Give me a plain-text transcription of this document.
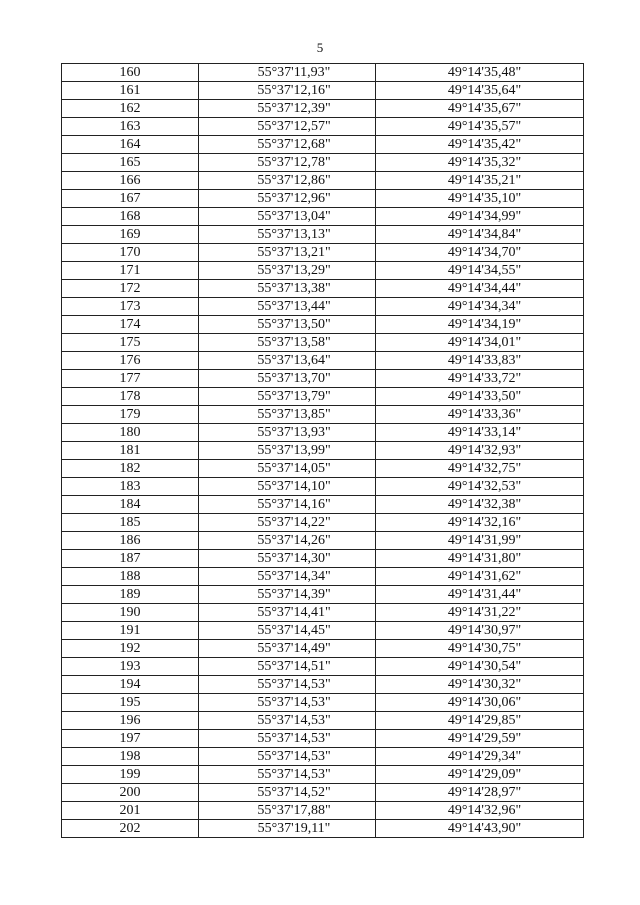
5
160	55°37'11,93"	49°14'35,48"
161	55°37'12,16"	49°14'35,64"
162	55°37'12,39"	49°14'35,67"
163	55°37'12,57"	49°14'35,57"
164	55°37'12,68"	49°14'35,42"
165	55°37'12,78"	49°14'35,32"
166	55°37'12,86"	49°14'35,21"
167	55°37'12,96"	49°14'35,10"
168	55°37'13,04"	49°14'34,99"
169	55°37'13,13"	49°14'34,84"
170	55°37'13,21"	49°14'34,70"
171	55°37'13,29"	49°14'34,55"
172	55°37'13,38"	49°14'34,44"
173	55°37'13,44"	49°14'34,34"
174	55°37'13,50"	49°14'34,19"
175	55°37'13,58"	49°14'34,01"
176	55°37'13,64"	49°14'33,83"
177	55°37'13,70"	49°14'33,72"
178	55°37'13,79"	49°14'33,50"
179	55°37'13,85"	49°14'33,36"
180	55°37'13,93"	49°14'33,14"
181	55°37'13,99"	49°14'32,93"
182	55°37'14,05"	49°14'32,75"
183	55°37'14,10"	49°14'32,53"
184	55°37'14,16"	49°14'32,38"
185	55°37'14,22"	49°14'32,16"
186	55°37'14,26"	49°14'31,99"
187	55°37'14,30"	49°14'31,80"
188	55°37'14,34"	49°14'31,62"
189	55°37'14,39"	49°14'31,44"
190	55°37'14,41"	49°14'31,22"
191	55°37'14,45"	49°14'30,97"
192	55°37'14,49"	49°14'30,75"
193	55°37'14,51"	49°14'30,54"
194	55°37'14,53"	49°14'30,32"
195	55°37'14,53"	49°14'30,06"
196	55°37'14,53"	49°14'29,85"
197	55°37'14,53"	49°14'29,59"
198	55°37'14,53"	49°14'29,34"
199	55°37'14,53"	49°14'29,09"
200	55°37'14,52"	49°14'28,97"
201	55°37'17,88"	49°14'32,96"
202	55°37'19,11"	49°14'43,90"
